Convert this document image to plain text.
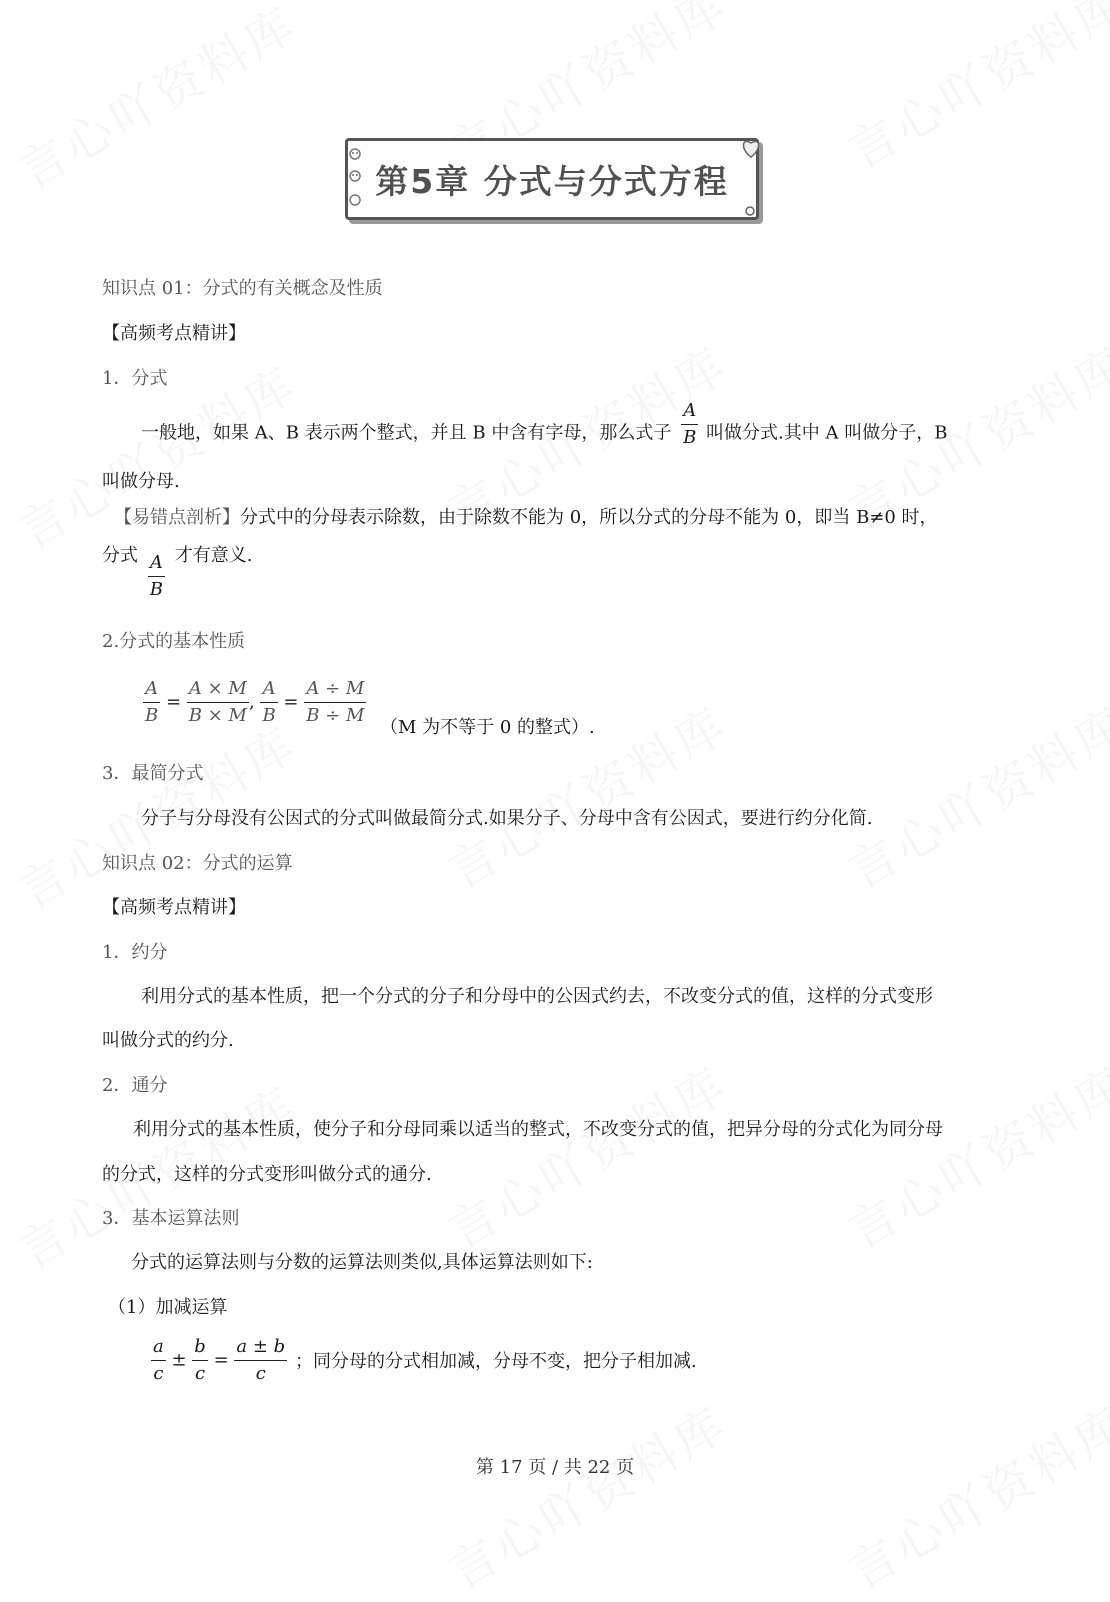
第5章 分式与分式方程
知识点 01：分式的有关概念及性质
【高频考点精讲】
1．分式
一般地，如果 A、B 表示两个整式，并且 B 中含有字母，那么式子 $\frac{A}{B}$ 叫做分式.其中 A 叫做分子，B
叫做分母.
【易错点剖析】分式中的分母表示除数，由于除数不能为 0，所以分式的分母不能为 0，即当 B≠0 时，
分式 $\frac{A}{B}$ 才有意义.
2.分式的基本性质
$\frac{A}{B} = \frac{A \times M}{B \times M}$ , $\frac{A}{B} = \frac{A \div M}{B \div M} (M$ 为不等于 0 的整式）.
3．最简分式
分子与分母没有公因式的分式叫做最简分式.如果分子、分母中含有公因式，要进行约分化简.
知识点 02：分式的运算
【高频考点精讲】
1．约分
利用分式的基本性质，把一个分式的分子和分母中的公因式约去，不改变分式的值，这样的分式变形
叫做分式的约分.
2．通分
利用分式的基本性质，使分子和分母同乘以适当的整式，不改变分式的值，把异分母的分式化为同分母
的分式，这样的分式变形叫做分式的通分.
3．基本运算法则
分式的运算法则与分数的运算法则类似,具体运算法则如下:
（1）加减运算
$\frac{a}{c} \pm \frac{b}{c} = \frac{a \pm b}{c}$ ；同分母的分式相加减，分母不变，把分子相加减.
第 17 页 / 共 22 页
